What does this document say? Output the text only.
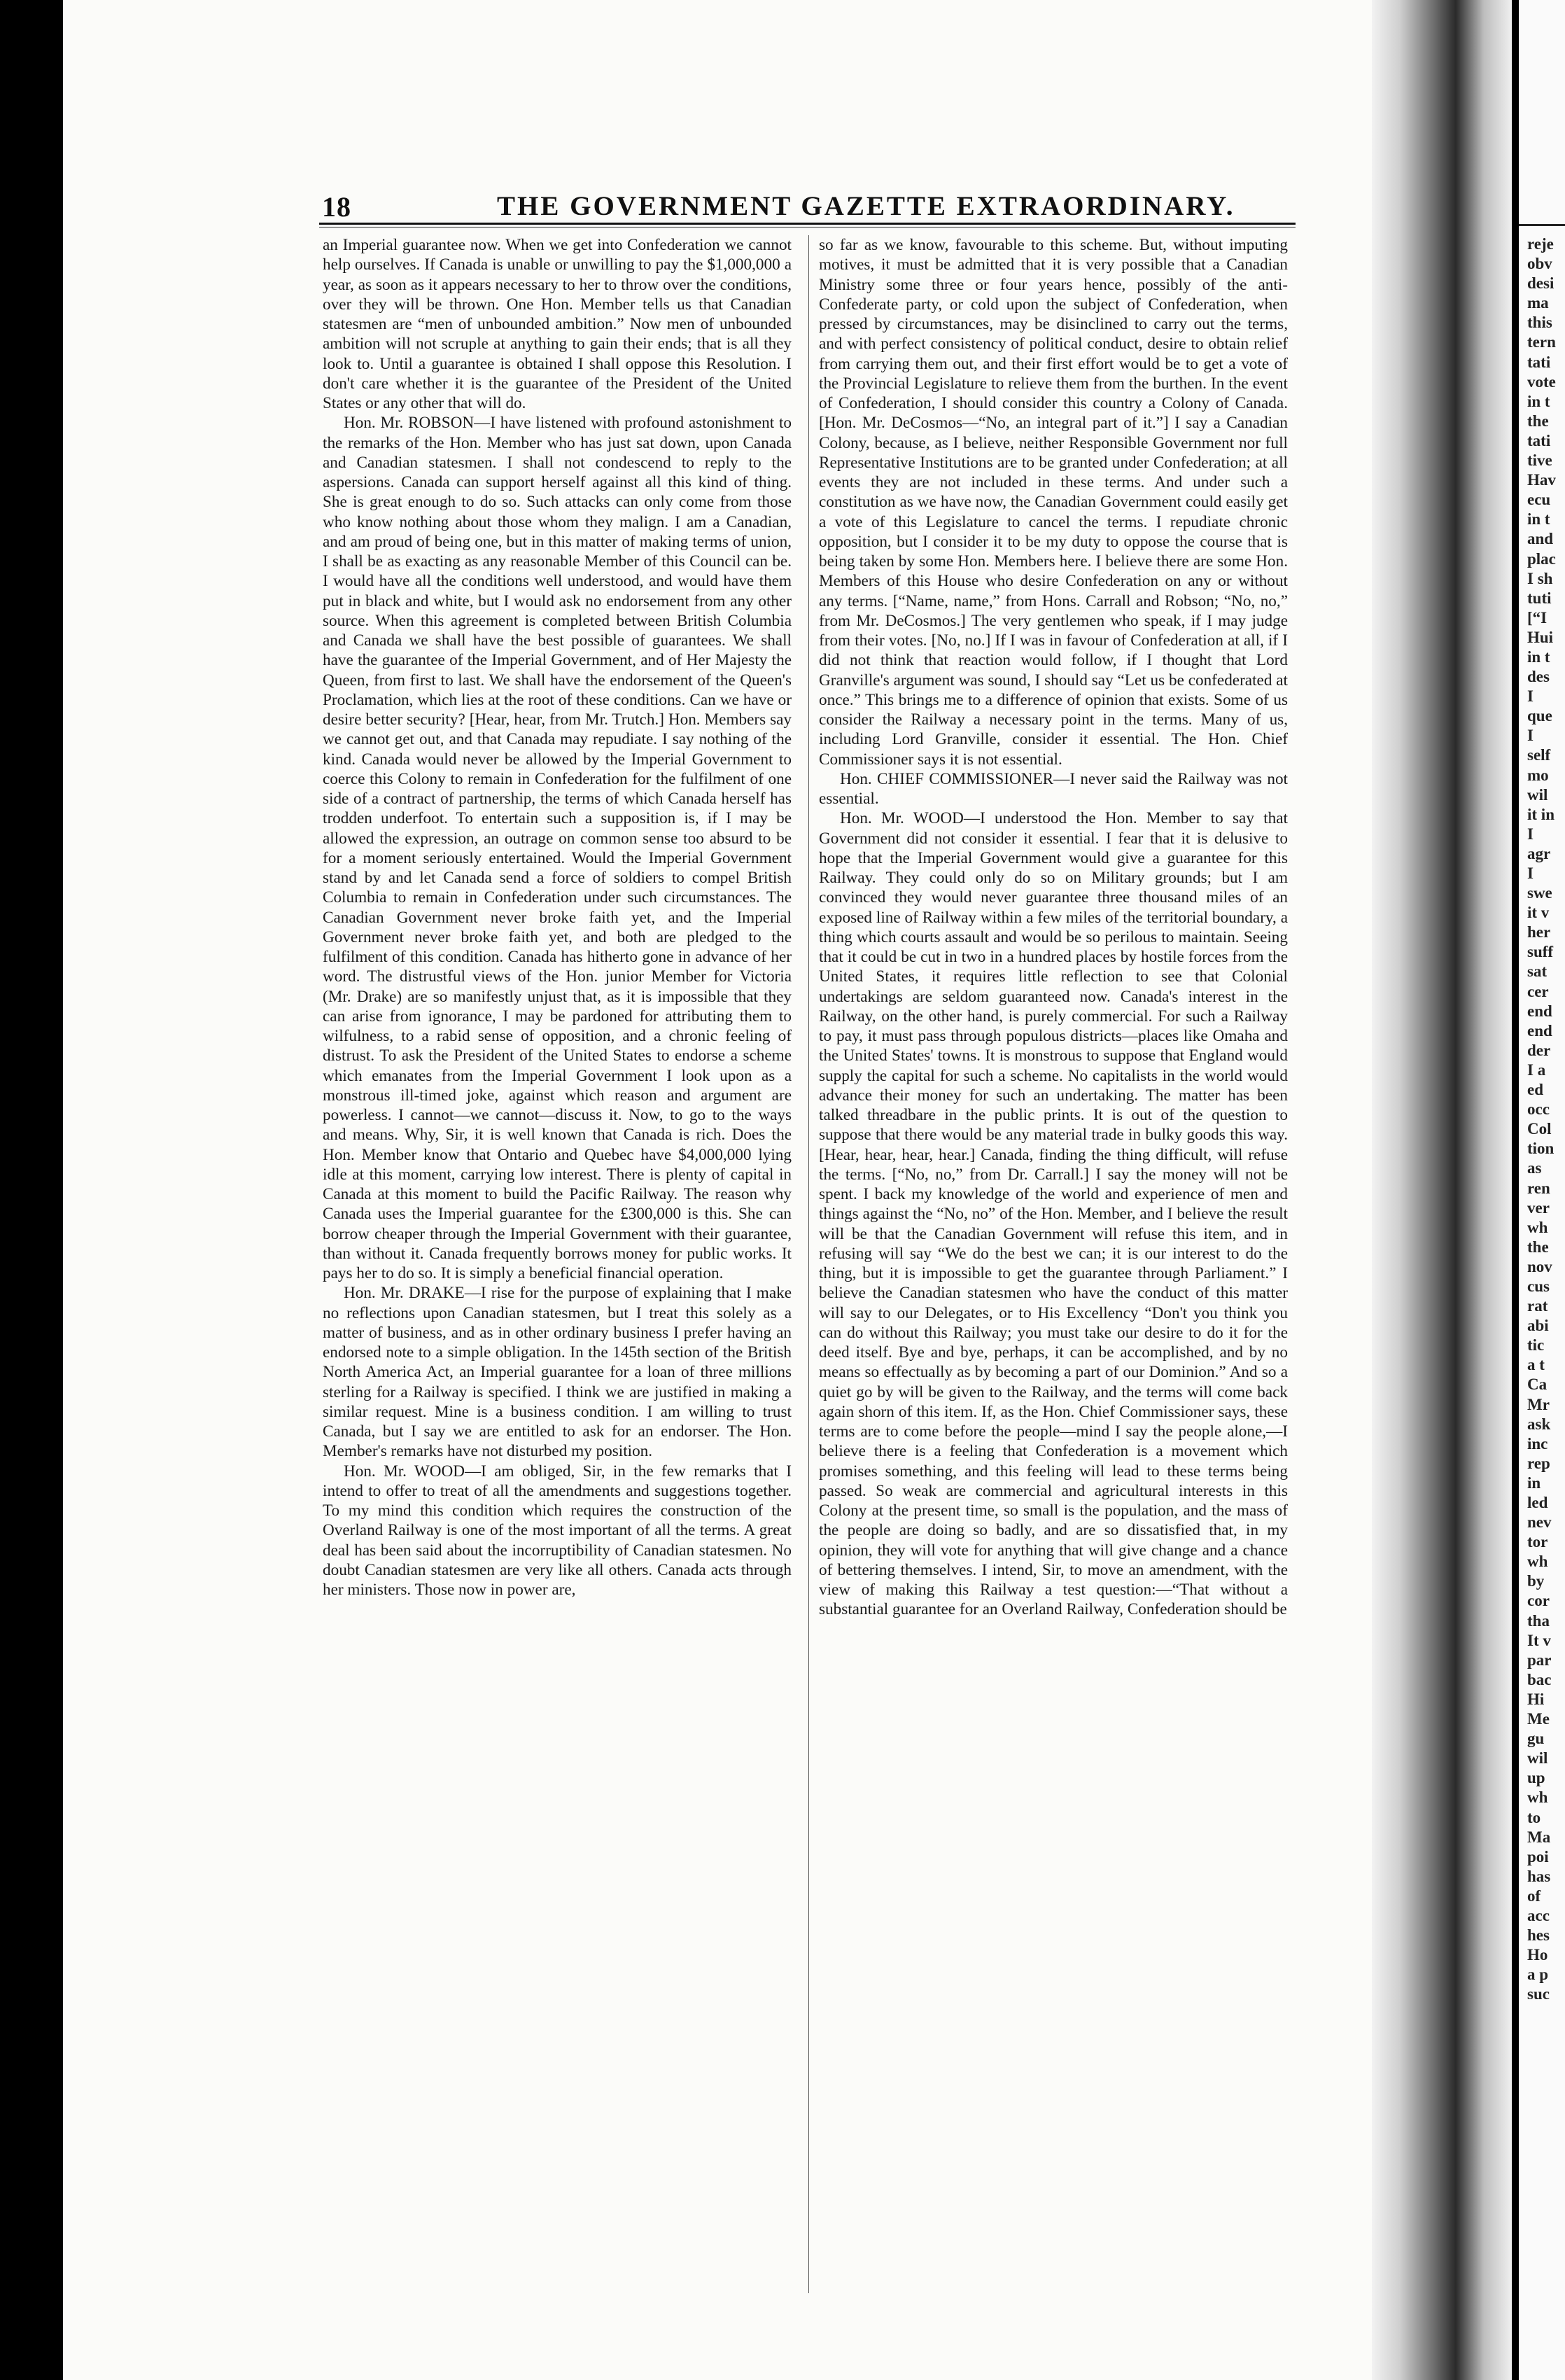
reje
obv
desi
ma
this
tern
tati
vote
in t
the
tati
tive
Hav
ecu
in t
and
plac
I sh
tuti
[“I
Hui
in t
des
I
que
I
self
mo
wil
it in
I
agr
I
swe
it v
her
suff
sat
cer
end
end
der
I a
ed
occ
Col
tion
as
ren
ver
wh
the
nov
cus
rat
abi
tic
a t
Ca
Mr
ask
inc
rep
in
led
nev
tor
wh
by
cor
tha
It v
par
bac
Hi
Me
gu
wil
up
wh
to
Ma
poi
has
of
acc
hes
Ho
a p
suc
18	THE GOVERNMENT GAZETTE EXTRAORDINARY.

an Imperial guarantee now. When we get into Confederation we cannot help ourselves. If Canada is unable or unwilling to pay the $1,000,000 a year, as soon as it appears necessary to her to throw over the conditions, over they will be thrown. One Hon. Member tells us that Canadian statesmen are “men of unbounded ambition.” Now men of unbounded ambition will not scruple at anything to gain their ends; that is all they look to. Until a guarantee is obtained I shall oppose this Resolution. I don't care whether it is the guarantee of the President of the United States or any other that will do.

Hon. Mr. ROBSON—I have listened with profound astonishment to the remarks of the Hon. Member who has just sat down, upon Canada and Canadian statesmen. I shall not condescend to reply to the aspersions. Canada can support herself against all this kind of thing. She is great enough to do so. Such attacks can only come from those who know nothing about those whom they malign. I am a Canadian, and am proud of being one, but in this matter of making terms of union, I shall be as exacting as any reasonable Member of this Council can be. I would have all the conditions well understood, and would have them put in black and white, but I would ask no endorsement from any other source. When this agreement is completed between British Columbia and Canada we shall have the best possible of guarantees. We shall have the guarantee of the Imperial Government, and of Her Majesty the Queen, from first to last. We shall have the endorsement of the Queen's Proclamation, which lies at the root of these conditions. Can we have or desire better security? [Hear, hear, from Mr. Trutch.] Hon. Members say we cannot get out, and that Canada may repudiate. I say nothing of the kind. Canada would never be allowed by the Imperial Government to coerce this Colony to remain in Confederation for the fulfilment of one side of a contract of partnership, the terms of which Canada herself has trodden underfoot. To entertain such a supposition is, if I may be allowed the expression, an outrage on common sense too absurd to be for a moment seriously entertained. Would the Imperial Government stand by and let Canada send a force of soldiers to compel British Columbia to remain in Confederation under such circumstances. The Canadian Government never broke faith yet, and the Imperial Government never broke faith yet, and both are pledged to the fulfilment of this condition. Canada has hitherto gone in advance of her word. The distrustful views of the Hon. junior Member for Victoria (Mr. Drake) are so manifestly unjust that, as it is impossible that they can arise from ignorance, I may be pardoned for attributing them to wilfulness, to a rabid sense of opposition, and a chronic feeling of distrust. To ask the President of the United States to endorse a scheme which emanates from the Imperial Government I look upon as a monstrous ill-timed joke, against which reason and argument are powerless. I cannot—we cannot—discuss it. Now, to go to the ways and means. Why, Sir, it is well known that Canada is rich. Does the Hon. Member know that Ontario and Quebec have $4,000,000 lying idle at this moment, carrying low interest. There is plenty of capital in Canada at this moment to build the Pacific Railway. The reason why Canada uses the Imperial guarantee for the £300,000 is this. She can borrow cheaper through the Imperial Government with their guarantee, than without it. Canada frequently borrows money for public works. It pays her to do so. It is simply a beneficial financial operation.

Hon. Mr. DRAKE—I rise for the purpose of explaining that I make no reflections upon Canadian statesmen, but I treat this solely as a matter of business, and as in other ordinary business I prefer having an endorsed note to a simple obligation. In the 145th section of the British North America Act, an Imperial guarantee for a loan of three millions sterling for a Railway is specified. I think we are justified in making a similar request. Mine is a business condition. I am willing to trust Canada, but I say we are entitled to ask for an endorser. The Hon. Member's remarks have not disturbed my position.

Hon. Mr. WOOD—I am obliged, Sir, in the few remarks that I intend to offer to treat of all the amendments and suggestions together. To my mind this condition which requires the construction of the Overland Railway is one of the most important of all the terms. A great deal has been said about the incorruptibility of Canadian statesmen. No doubt Canadian statesmen are very like all others. Canada acts through her ministers. Those now in power are,

so far as we know, favourable to this scheme. But, without imputing motives, it must be admitted that it is very possible that a Canadian Ministry some three or four years hence, possibly of the anti-Confederate party, or cold upon the subject of Confederation, when pressed by circumstances, may be disinclined to carry out the terms, and with perfect consistency of political conduct, desire to obtain relief from carrying them out, and their first effort would be to get a vote of the Provincial Legislature to relieve them from the burthen. In the event of Confederation, I should consider this country a Colony of Canada. [Hon. Mr. DeCosmos—“No, an integral part of it.”] I say a Canadian Colony, because, as I believe, neither Responsible Government nor full Representative Institutions are to be granted under Confederation; at all events they are not included in these terms. And under such a constitution as we have now, the Canadian Government could easily get a vote of this Legislature to cancel the terms. I repudiate chronic opposition, but I consider it to be my duty to oppose the course that is being taken by some Hon. Members here. I believe there are some Hon. Members of this House who desire Confederation on any or without any terms. [“Name, name,” from Hons. Carrall and Robson; “No, no,” from Mr. DeCosmos.] The very gentlemen who speak, if I may judge from their votes. [No, no.] If I was in favour of Confederation at all, if I did not think that reaction would follow, if I thought that Lord Granville's argument was sound, I should say “Let us be confederated at once.” This brings me to a difference of opinion that exists. Some of us consider the Railway a necessary point in the terms. Many of us, including Lord Granville, consider it essential. The Hon. Chief Commissioner says it is not essential.

Hon. CHIEF COMMISSIONER—I never said the Railway was not essential.

Hon. Mr. WOOD—I understood the Hon. Member to say that Government did not consider it essential. I fear that it is delusive to hope that the Imperial Government would give a guarantee for this Railway. They could only do so on Military grounds; but I am convinced they would never guarantee three thousand miles of an exposed line of Railway within a few miles of the territorial boundary, a thing which courts assault and would be so perilous to maintain. Seeing that it could be cut in two in a hundred places by hostile forces from the United States, it requires little reflection to see that Colonial undertakings are seldom guaranteed now. Canada's interest in the Railway, on the other hand, is purely commercial. For such a Railway to pay, it must pass through populous districts—places like Omaha and the United States' towns. It is monstrous to suppose that England would supply the capital for such a scheme. No capitalists in the world would advance their money for such an undertaking. The matter has been talked threadbare in the public prints. It is out of the question to suppose that there would be any material trade in bulky goods this way. [Hear, hear, hear, hear.] Canada, finding the thing difficult, will refuse the terms. [“No, no,” from Dr. Carrall.] I say the money will not be spent. I back my knowledge of the world and experience of men and things against the “No, no” of the Hon. Member, and I believe the result will be that the Canadian Government will refuse this item, and in refusing will say “We do the best we can; it is our interest to do the thing, but it is impossible to get the guarantee through Parliament.” I believe the Canadian statesmen who have the conduct of this matter will say to our Delegates, or to His Excellency “Don't you think you can do without this Railway; you must take our desire to do it for the deed itself. Bye and bye, perhaps, it can be accomplished, and by no means so effectually as by becoming a part of our Dominion.” And so a quiet go by will be given to the Railway, and the terms will come back again shorn of this item. If, as the Hon. Chief Commissioner says, these terms are to come before the people—mind I say the people alone,—I believe there is a feeling that Confederation is a movement which promises something, and this feeling will lead to these terms being passed. So weak are commercial and agricultural interests in this Colony at the present time, so small is the population, and the mass of the people are doing so badly, and are so dissatisfied that, in my opinion, they will vote for anything that will give change and a chance of bettering themselves. I intend, Sir, to move an amendment, with the view of making this Railway a test question:—“That without a substantial guarantee for an Overland Railway, Confederation should be
